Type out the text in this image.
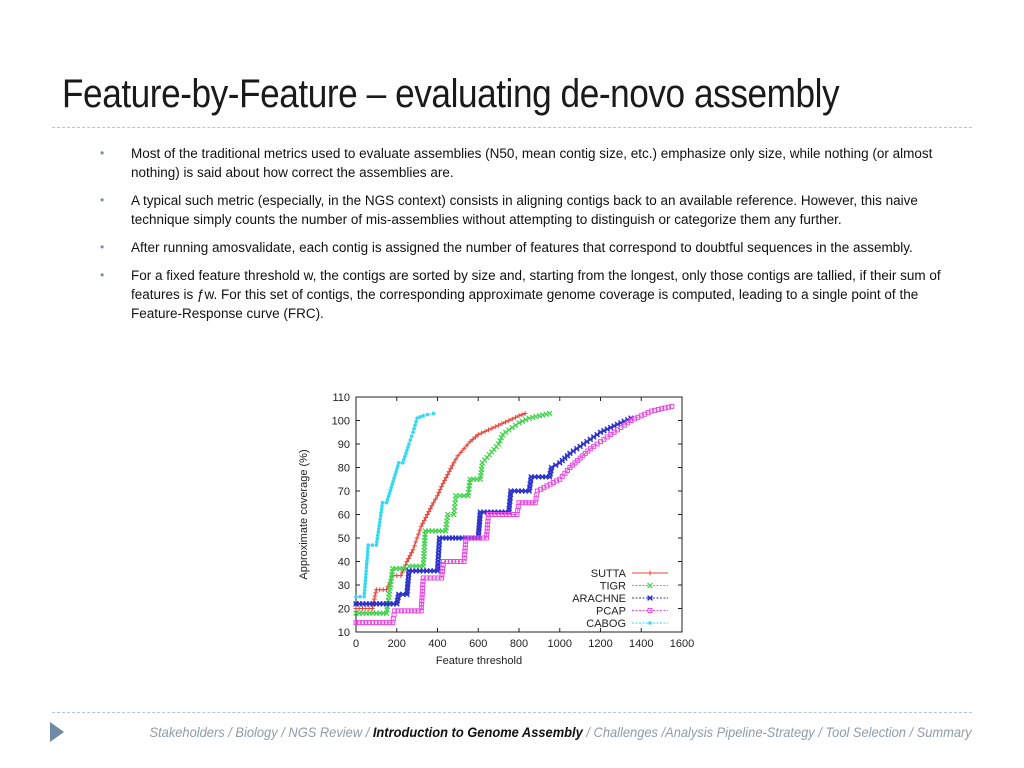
Feature-by-Feature – evaluating de-novo assembly
• Most of the traditional metrics used to evaluate assemblies (N50, mean contig size, etc.) emphasize only size, while nothing (or almost nothing) is said about how correct the assemblies are.
• A typical such metric (especially, in the NGS context) consists in aligning contigs back to an available reference. However, this naive technique simply counts the number of mis-assemblies without attempting to distinguish or categorize them any further.
• After running amosvalidate, each contig is assigned the number of features that correspond to doubtful sequences in the assembly.
• For a fixed feature threshold w, the contigs are sorted by size and, starting from the longest, only those contigs are tallied, if their sum of features is ƒw. For this set of contigs, the corresponding approximate genome coverage is computed, leading to a single point of the Feature-Response curve (FRC).
0	200 400 600 800 1000 1200 1400 1600
10
20
30
40
50
60
70
80
90
100
110
Feature threshold
Approximate coverage (%)	SUTTA
TIGR
ARACHNE
PCAP
CABOG
Stakeholders / Biology / NGS Review / Introduction to Genome Assembly / Challenges /Analysis Pipeline-Strategy / Tool Selection / Summary
